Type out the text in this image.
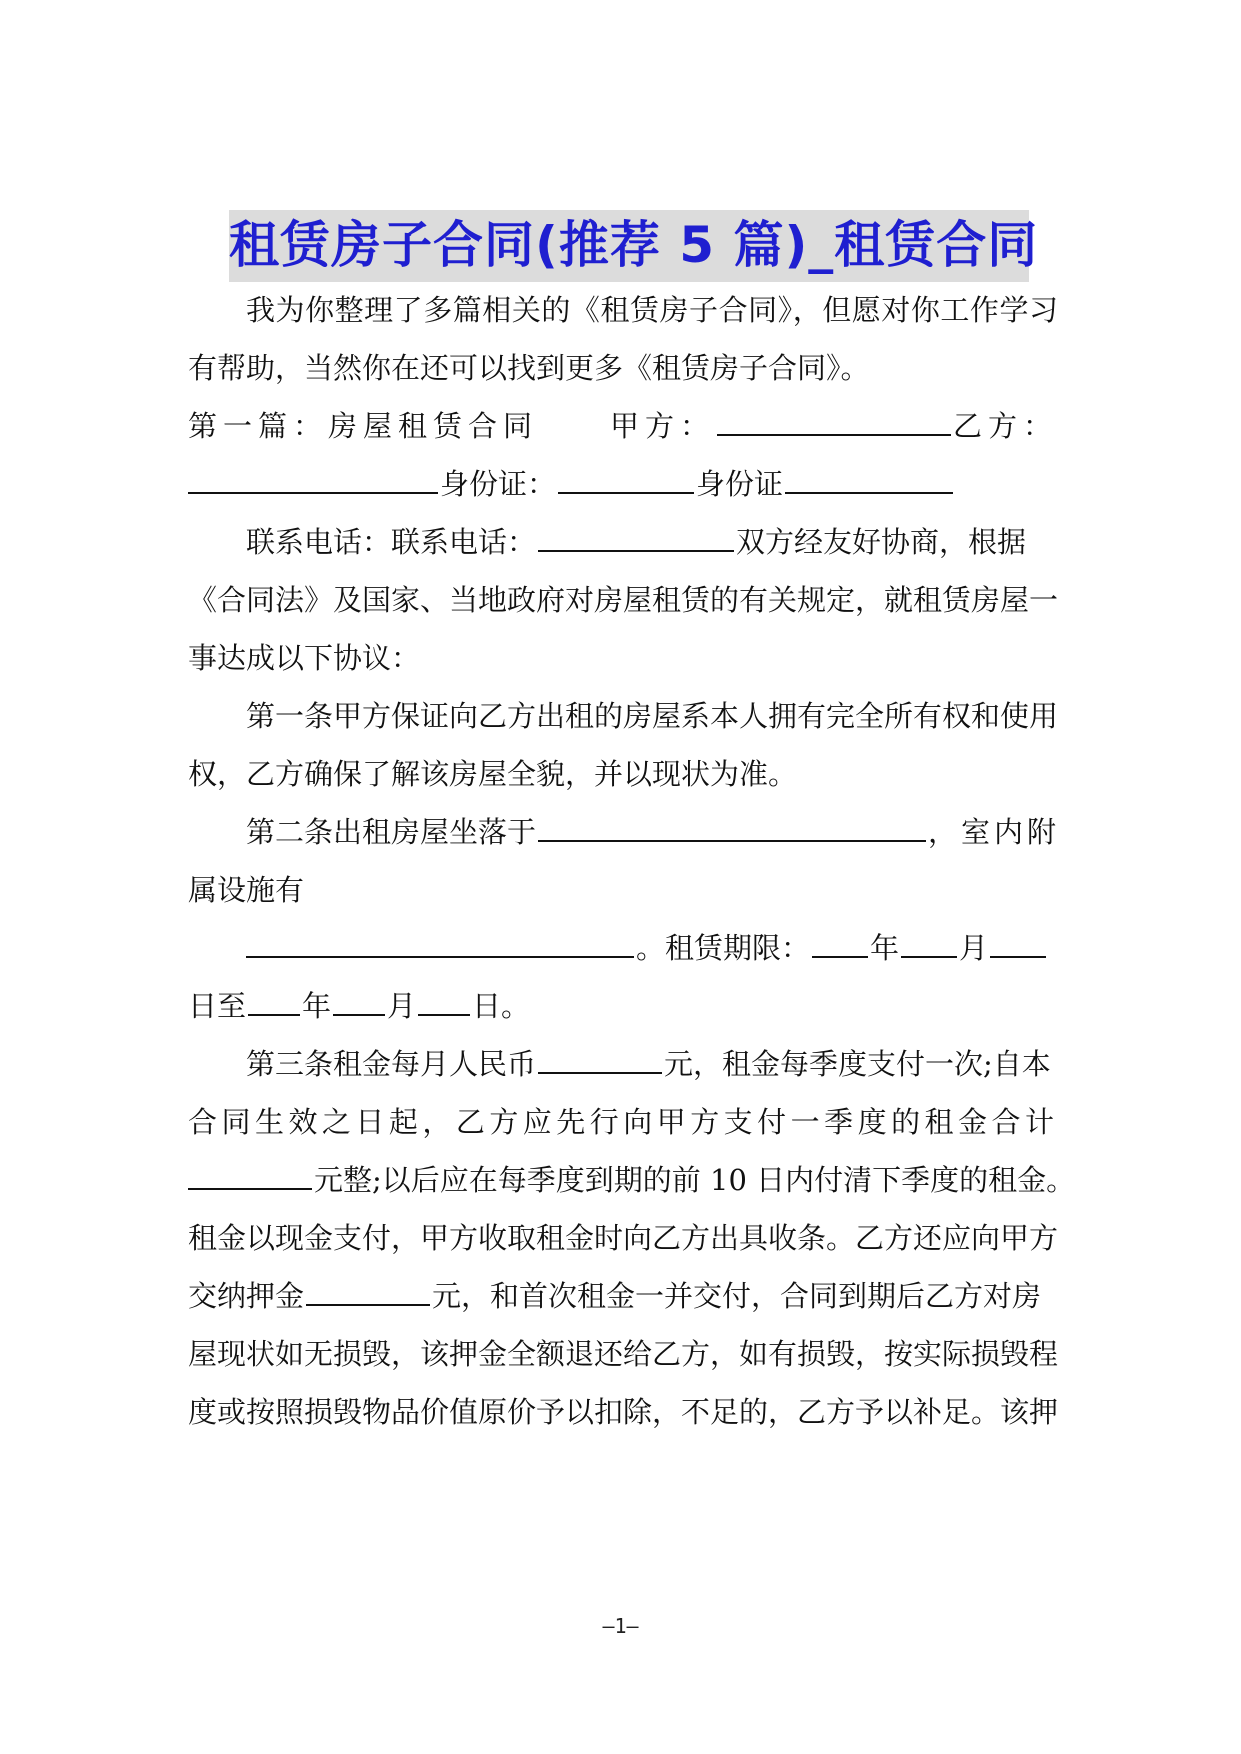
租赁房子合同(推荐 5 篇)_租赁合同
我为你整理了多篇相关的《租赁房子合同》，但愿对你工作学习
有帮助，当然你在还可以找到更多《租赁房子合同》。
第一篇：房屋租赁合同 甲方：	乙方：
身份证：	身份证
联系电话：联系电话：	双方经友好协商，根据
《合同法》及国家、当地政府对房屋租赁的有关规定，就租赁房屋一
事达成以下协议：
第一条甲方保证向乙方出租的房屋系本人拥有完全所有权和使用
权，乙方确保了解该房屋全貌，并以现状为准。
第二条出租房屋坐落于	，室内附
属设施有
。租赁期限： 年 月
日至 年 月 日。
第三条租金每月人民币	元，租金每季度支付一次;自本
合同生效之日起，乙方应先行向甲方支付一季度的租金合计
元整;以后应在每季度到期的前 10 日内付清下季度的租金。
租金以现金支付，甲方收取租金时向乙方出具收条。乙方还应向甲方
交纳押金	元，和首次租金一并交付，合同到期后乙方对房
屋现状如无损毁，该押金全额退还给乙方，如有损毁，按实际损毁程
度或按照损毁物品价值原价予以扣除，不足的，乙方予以补足。该押
—1—
